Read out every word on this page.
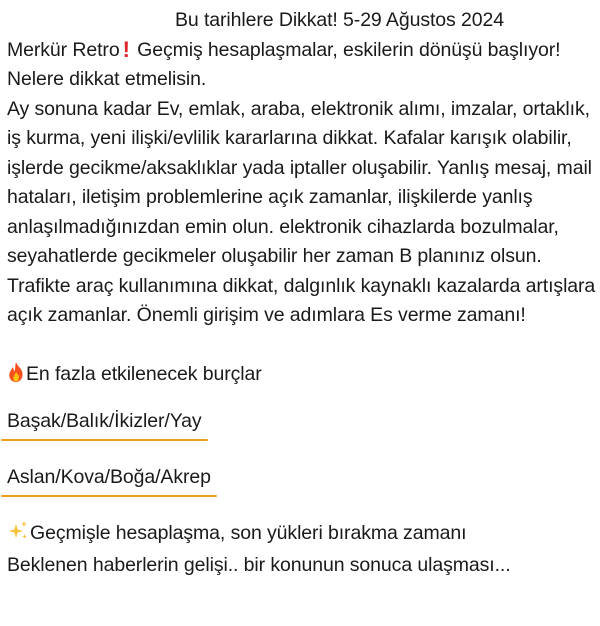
Bu tarihlere Dikkat! 5-29 Ağustos 2024

Merkür Retro ! Geçmiş hesaplaşmalar, eskilerin dönüşü başlıyor!

Nelere dikkat etmelisin.

Ay sonuna kadar Ev, emlak, araba, elektronik alımı, imzalar, ortaklık, iş kurma, yeni ilişki/evlilik kararlarına dikkat. Kafalar karışık olabilir, işlerde gecikme/aksaklıklar yada iptaller oluşabilir. Yanlış mesaj, mail hataları, iletişim problemlerine açık zamanlar, ilişkilerde yanlış anlaşılmadığınızdan emin olun. elektronik cihazlarda bozulmalar, seyahatlerde gecikmeler oluşabilir her zaman B planınız olsun. Trafikte araç kullanımına dikkat, dalgınlık kaynaklı kazalarda artışlara açık zamanlar. Önemli girişim ve adımlara Es verme zamanı!

En fazla etkilenecek burçlar

Başak/Balık/İkizler/Yay
Aslan/Kova/Boğa/Akrep

Geçmişle hesaplaşma, son yükleri bırakma zamanı

Beklenen haberlerin gelişi.. bir konunun sonuca ulaşması...
